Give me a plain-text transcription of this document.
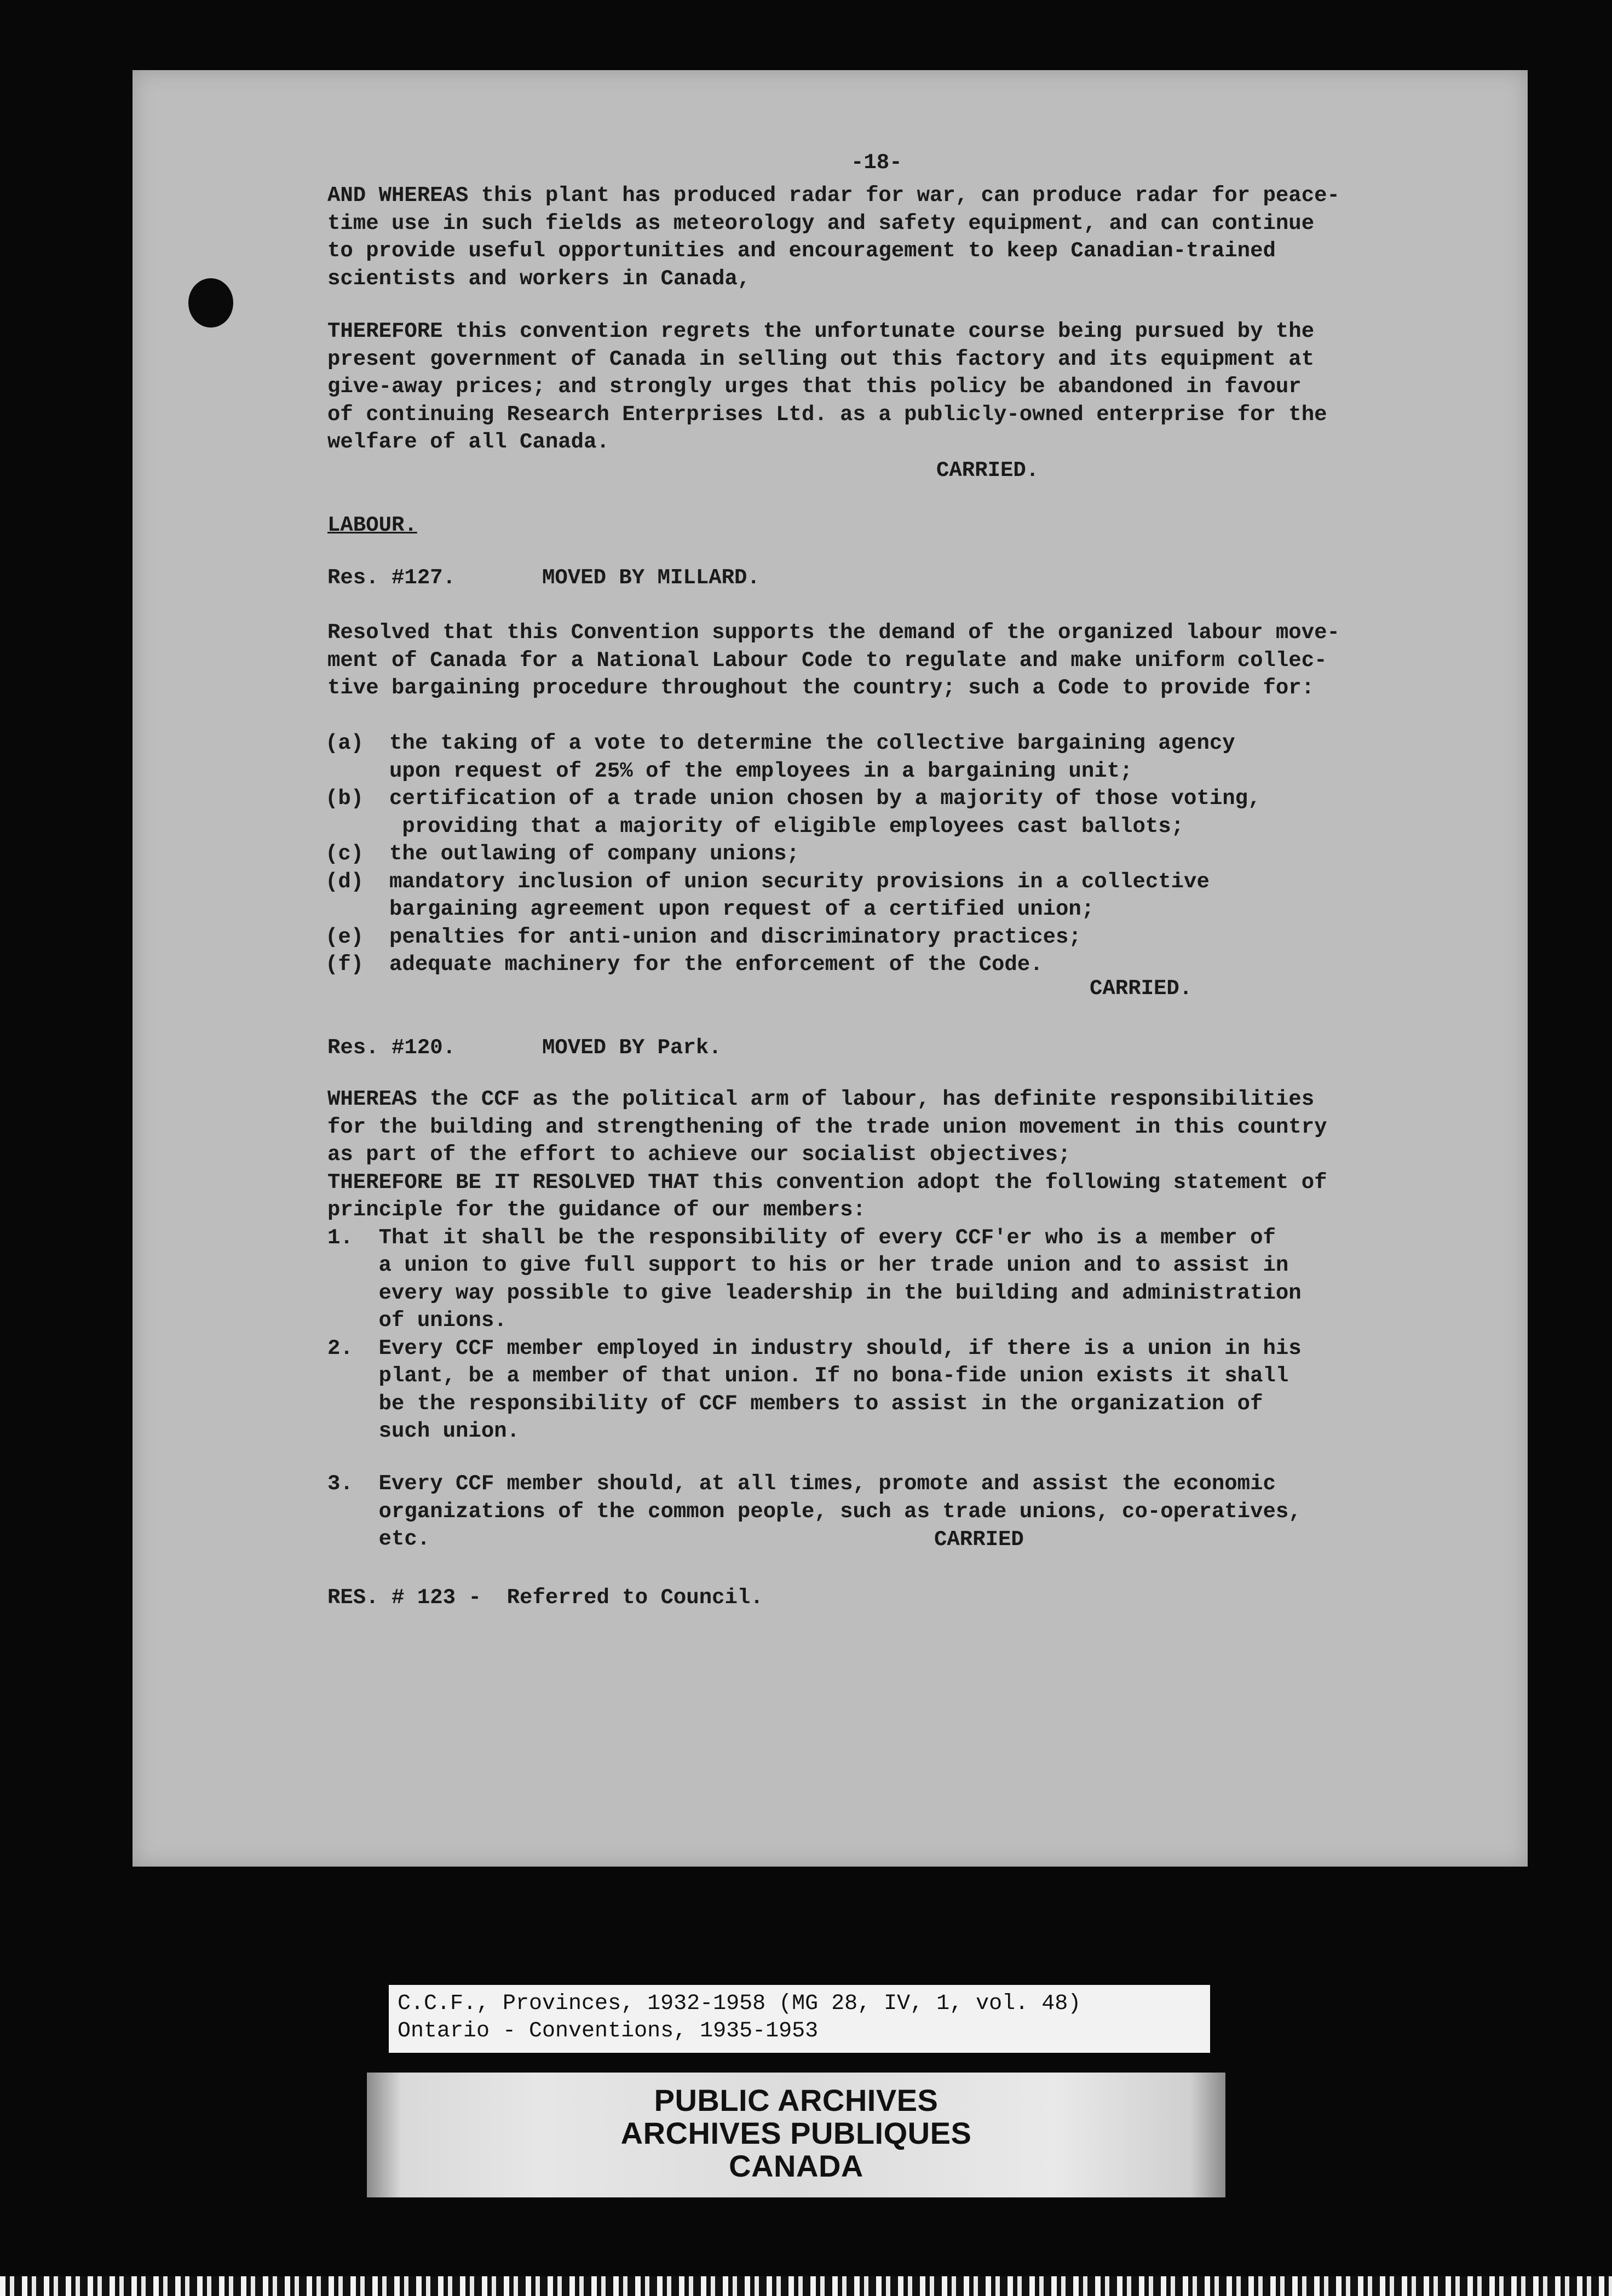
-18-

AND WHEREAS this plant has produced radar for war, can produce radar for peace-
time use in such fields as meteorology and safety equipment, and can continue
to provide useful opportunities and encouragement to keep Canadian-trained
scientists and workers in Canada,

THEREFORE this convention regrets the unfortunate course being pursued by the
present government of Canada in selling out this factory and its equipment at
give-away prices; and strongly urges that this policy be abandoned in favour
of continuing Research Enterprises Ltd. as a publicly-owned enterprise for the
welfare of all Canada.

CARRIED.

LABOUR.

Res. #127.	MOVED BY MILLARD.

Resolved that this Convention supports the demand of the organized labour move-
ment of Canada for a National Labour Code to regulate and make uniform collec-
tive bargaining procedure throughout the country; such a Code to provide for:

(a)  the taking of a vote to determine the collective bargaining agency
upon request of 25% of the employees in a bargaining unit;
(b)  certification of a trade union chosen by a majority of those voting,
providing that a majority of eligible employees cast ballots;
(c)  the outlawing of company unions;
(d)  mandatory inclusion of union security provisions in a collective
bargaining agreement upon request of a certified union;
(e)  penalties for anti-union and discriminatory practices;
(f)  adequate machinery for the enforcement of the Code.

CARRIED.

Res. #120.	MOVED BY Park.

WHEREAS the CCF as the political arm of labour, has definite responsibilities
for the building and strengthening of the trade union movement in this country
as part of the effort to achieve our socialist objectives;
THEREFORE BE IT RESOLVED THAT this convention adopt the following statement of
principle for the guidance of our members:
1.  That it shall be the responsibility of every CCF'er who is a member of
a union to give full support to his or her trade union and to assist in
every way possible to give leadership in the building and administration
of unions.
2.  Every CCF member employed in industry should, if there is a union in his
plant, be a member of that union. If no bona-fide union exists it shall
be the responsibility of CCF members to assist in the organization of
such union.

3.  Every CCF member should, at all times, promote and assist the economic
organizations of the common people, such as trade unions, co-operatives,
etc.	CARRIED

RES. # 123 -  Referred to Council.

C.C.F., Provinces, 1932-1958 (MG 28, IV, 1, vol. 48)
Ontario - Conventions, 1935-1953
PUBLIC ARCHIVES
ARCHIVES PUBLIQUES
CANADA
